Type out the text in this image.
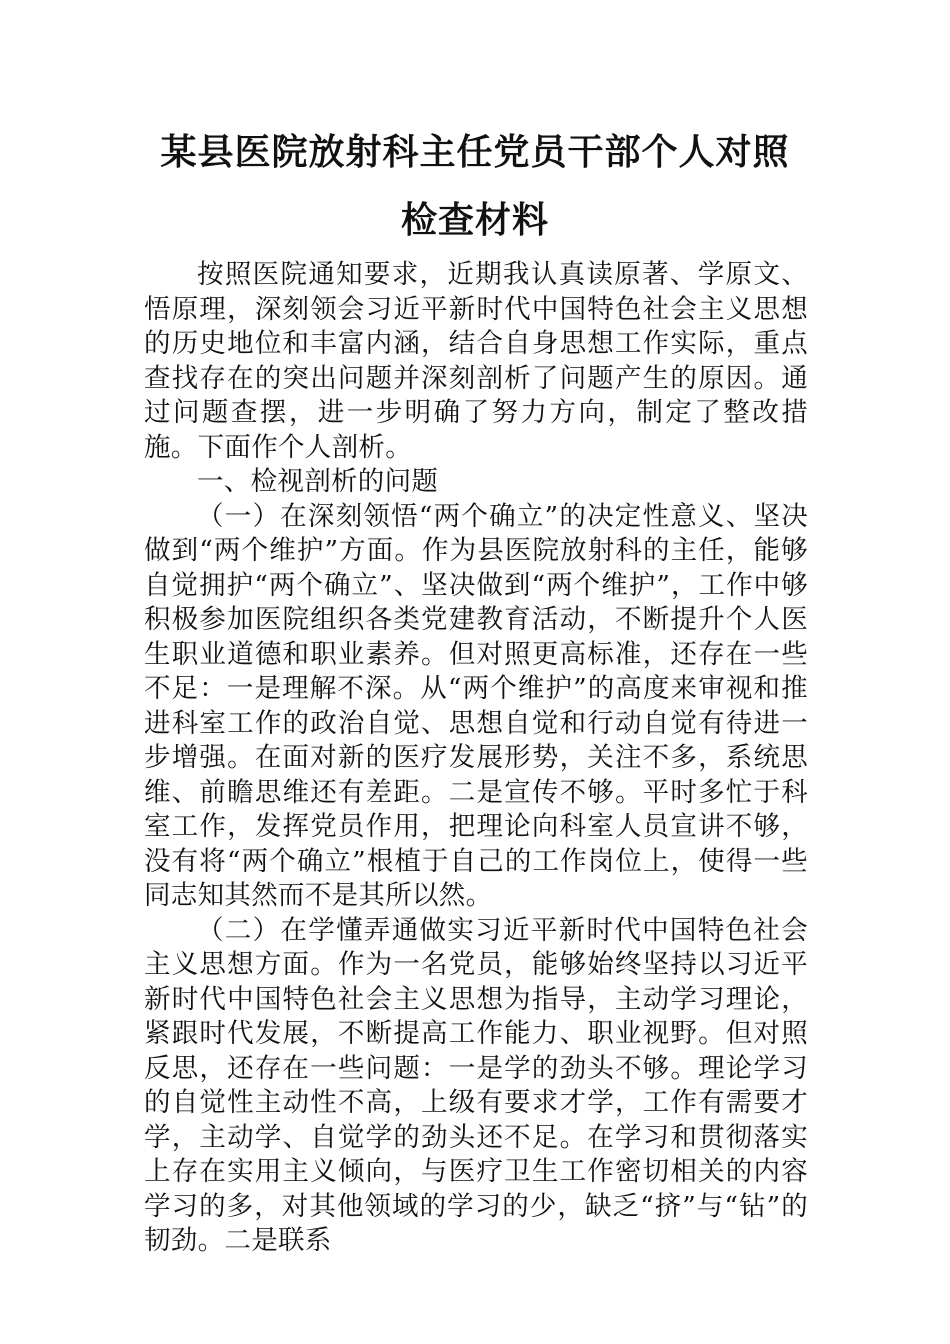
某县医院放射科主任党员干部个人对照
检查材料

按照医院通知要求，近期我认真读原著、学原文、悟原理，深刻领会习近平新时代中国特色社会主义思想的历史地位和丰富内涵，结合自身思想工作实际，重点查找存在的突出问题并深刻剖析了问题产生的原因。通过问题查摆，进一步明确了努力方向，制定了整改措施。下面作个人剖析。

一、检视剖析的问题

（一）在深刻领悟“两个确立”的决定性意义、坚决做到“两个维护”方面。作为县医院放射科的主任，能够自觉拥护“两个确立”、坚决做到“两个维护”，工作中够积极参加医院组织各类党建教育活动，不断提升个人医生职业道德和职业素养。但对照更高标准，还存在一些不足：一是理解不深。从“两个维护”的高度来审视和推进科室工作的政治自觉、思想自觉和行动自觉有待进一步增强。在面对新的医疗发展形势，关注不多，系统思维、前瞻思维还有差距。二是宣传不够。平时多忙于科室工作，发挥党员作用，把理论向科室人员宣讲不够，没有将“两个确立”根植于自己的工作岗位上，使得一些同志知其然而不是其所以然。

（二）在学懂弄通做实习近平新时代中国特色社会主义思想方面。作为一名党员，能够始终坚持以习近平新时代中国特色社会主义思想为指导，主动学习理论，紧跟时代发展，不断提高工作能力、职业视野。但对照反思，还存在一些问题：一是学的劲头不够。理论学习的自觉性主动性不高，上级有要求才学，工作有需要才学，主动学、自觉学的劲头还不足。在学习和贯彻落实上存在实用主义倾向，与医疗卫生工作密切相关的内容学习的多，对其他领域的学习的少，缺乏“挤”与“钻”的韧劲。二是联系
